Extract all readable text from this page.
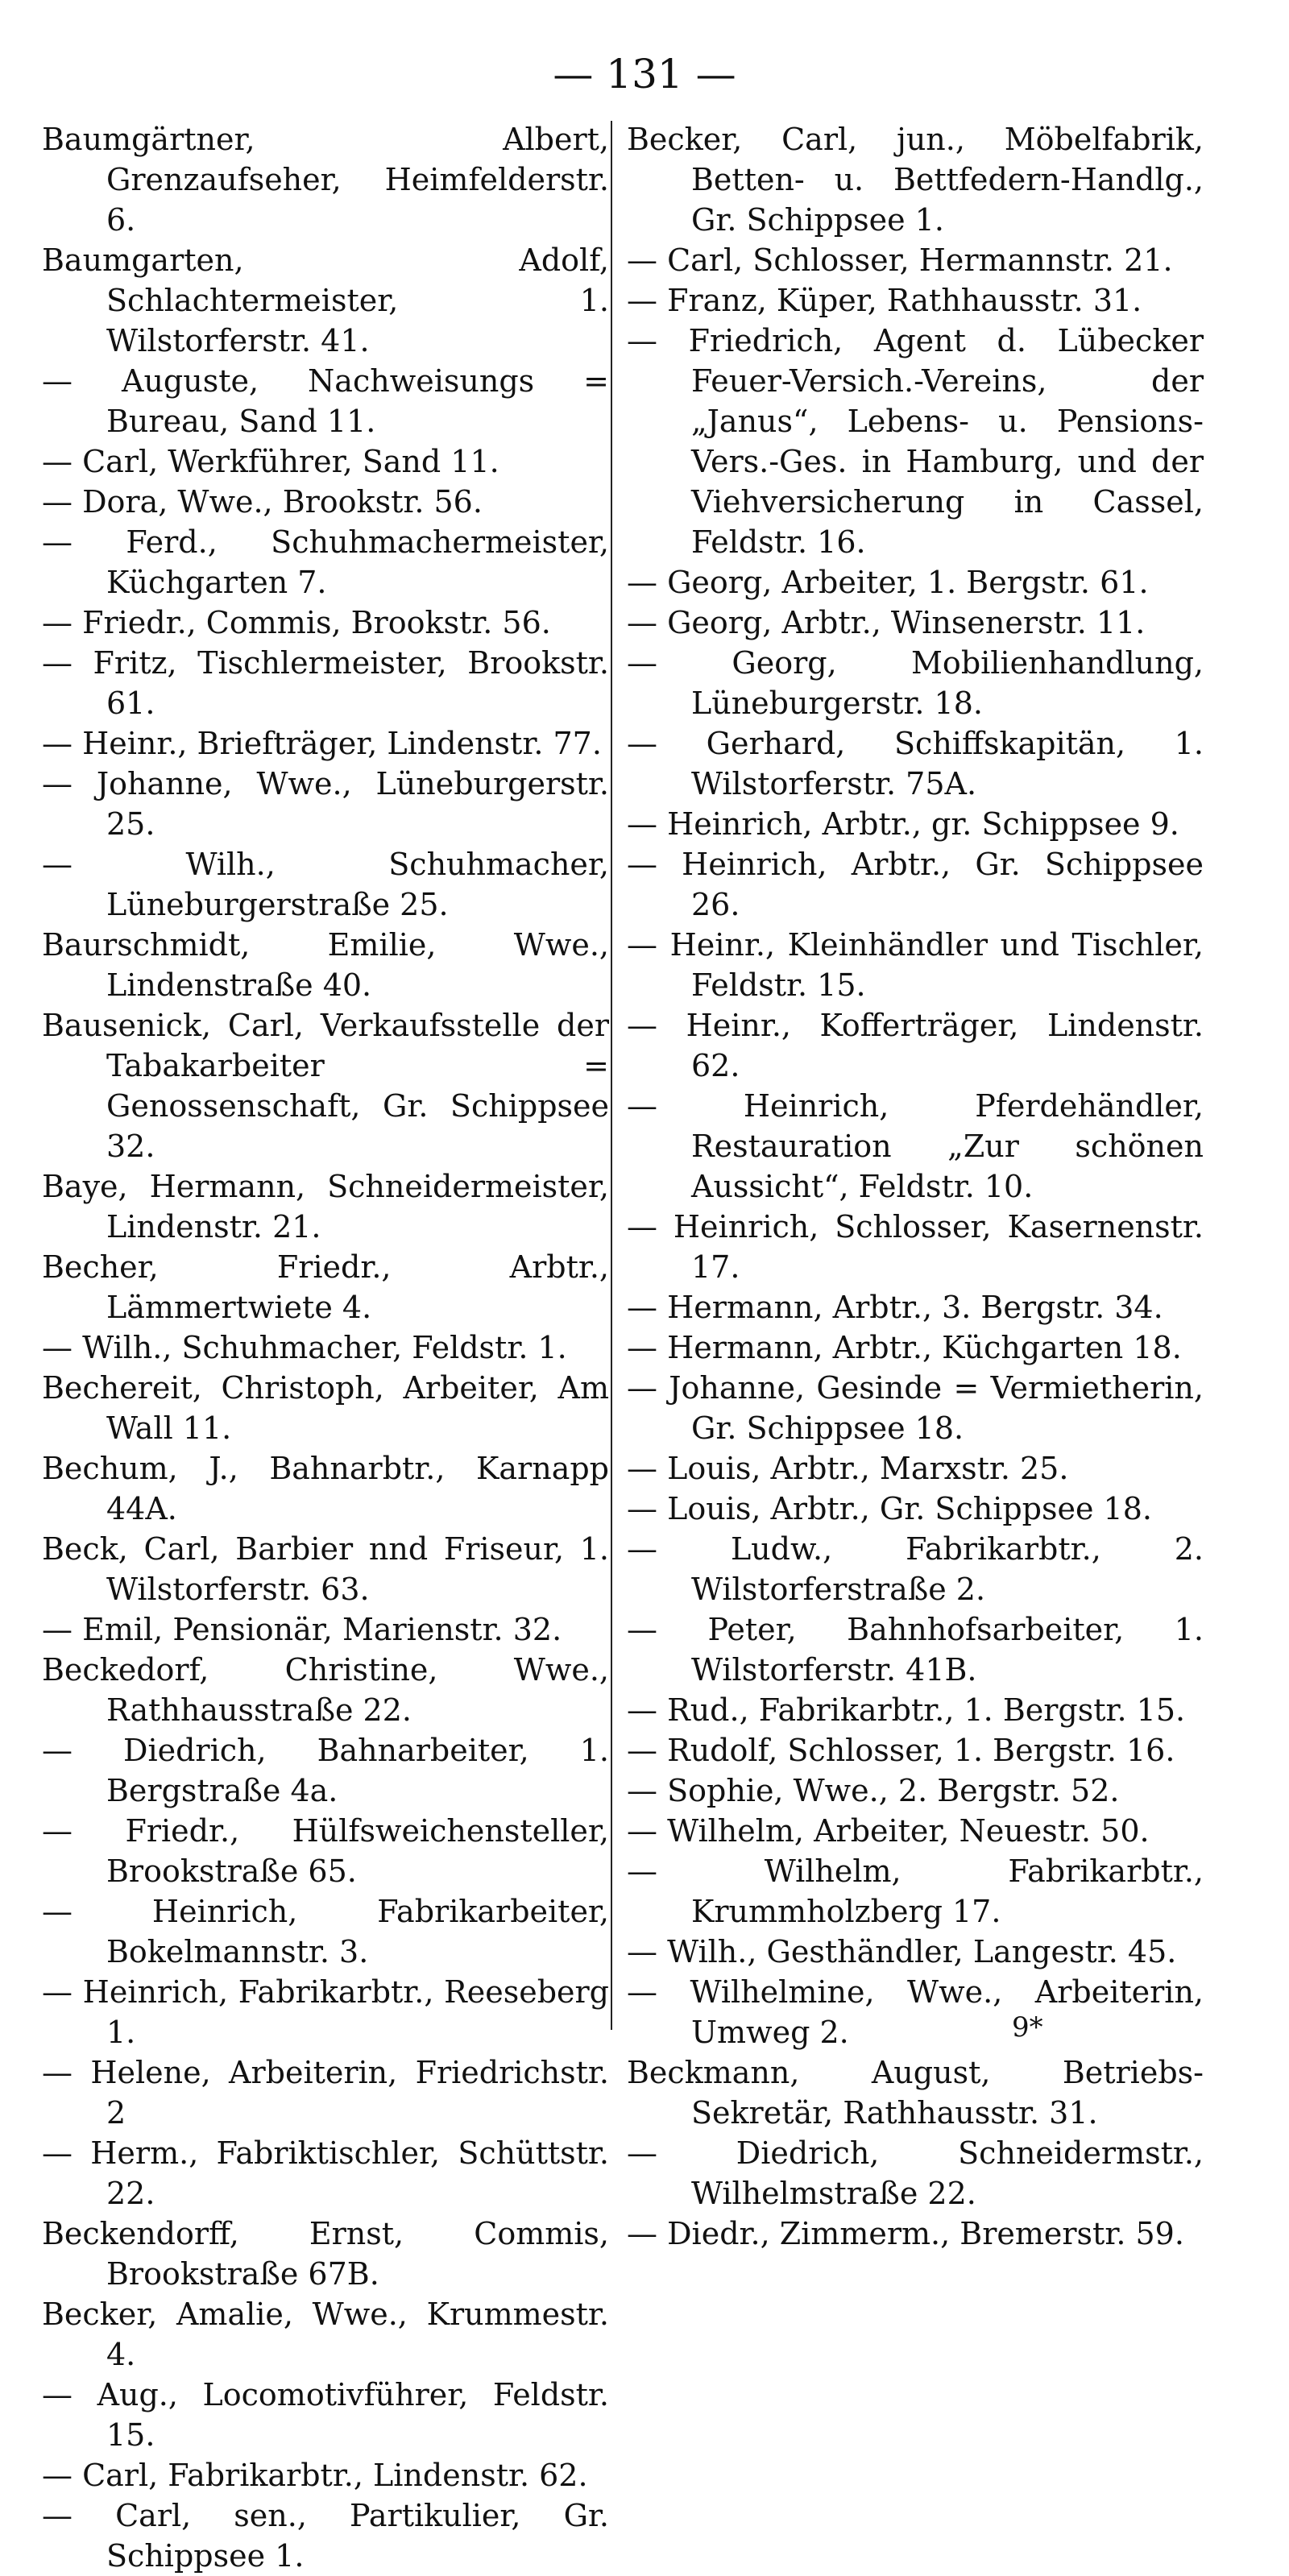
— 131 —
Baumgärtner, Albert, Grenzaufseher, Heimfelderstr. 6.
Baumgarten, Adolf, Schlachtermeister, 1. Wilstorferstr. 41.
— Auguste, Nachweisungs = Bureau, Sand 11.
— Carl, Werkführer, Sand 11.
— Dora, Wwe., Brookstr. 56.
— Ferd., Schuhmachermeister, Küchgarten 7.
— Friedr., Commis, Brookstr. 56.
— Fritz, Tischlermeister, Brookstr. 61.
— Heinr., Briefträger, Lindenstr. 77.
— Johanne, Wwe., Lüneburgerstr. 25.
— Wilh., Schuhmacher, Lüneburgerstraße 25.
Baurschmidt, Emilie, Wwe., Lindenstraße 40.
Bausenick, Carl, Verkaufsstelle der Tabakarbeiter = Genossenschaft, Gr. Schippsee 32.
Baye, Hermann, Schneidermeister, Lindenstr. 21.
Becher, Friedr., Arbtr., Lämmertwiete 4.
— Wilh., Schuhmacher, Feldstr. 1.
Bechereit, Christoph, Arbeiter, Am Wall 11.
Bechum, J., Bahnarbtr., Karnapp 44A.
Beck, Carl, Barbier nnd Friseur, 1. Wilstorferstr. 63.
— Emil, Pensionär, Marienstr. 32.
Beckedorf, Christine, Wwe., Rathhausstraße 22.
— Diedrich, Bahnarbeiter, 1. Bergstraße 4a.
— Friedr., Hülfsweichensteller, Brookstraße 65.
— Heinrich, Fabrikarbeiter, Bokelmannstr. 3.
— Heinrich, Fabrikarbtr., Reeseberg 1.
— Helene, Arbeiterin, Friedrichstr. 2
— Herm., Fabriktischler, Schüttstr. 22.
Beckendorff, Ernst, Commis, Brookstraße 67B.
Becker, Amalie, Wwe., Krummestr. 4.
— Aug., Locomotivführer, Feldstr. 15.
— Carl, Fabrikarbtr., Lindenstr. 62.
— Carl, sen., Partikulier, Gr. Schippsee 1.
Becker, Carl, jun., Möbelfabrik, Betten- u. Bettfedern-Handlg., Gr. Schippsee 1.
— Carl, Schlosser, Hermannstr. 21.
— Franz, Küper, Rathhausstr. 31.
— Friedrich, Agent d. Lübecker Feuer-Versich.-Vereins, der „Janus“, Lebens- u. Pensions-Vers.-Ges. in Hamburg, und der Viehversicherung in Cassel, Feldstr. 16.
— Georg, Arbeiter, 1. Bergstr. 61.
— Georg, Arbtr., Winsenerstr. 11.
— Georg, Mobilienhandlung, Lüneburgerstr. 18.
— Gerhard, Schiffskapitän, 1. Wilstorferstr. 75A.
— Heinrich, Arbtr., gr. Schippsee 9.
— Heinrich, Arbtr., Gr. Schippsee 26.
— Heinr., Kleinhändler und Tischler, Feldstr. 15.
— Heinr., Kofferträger, Lindenstr. 62.
— Heinrich, Pferdehändler, Restauration „Zur schönen Aussicht“, Feldstr. 10.
— Heinrich, Schlosser, Kasernenstr. 17.
— Hermann, Arbtr., 3. Bergstr. 34.
— Hermann, Arbtr., Küchgarten 18.
— Johanne, Gesinde = Vermietherin, Gr. Schippsee 18.
— Louis, Arbtr., Marxstr. 25.
— Louis, Arbtr., Gr. Schippsee 18.
— Ludw., Fabrikarbtr., 2. Wilstorferstraße 2.
— Peter, Bahnhofsarbeiter, 1. Wilstorferstr. 41B.
— Rud., Fabrikarbtr., 1. Bergstr. 15.
— Rudolf, Schlosser, 1. Bergstr. 16.
— Sophie, Wwe., 2. Bergstr. 52.
— Wilhelm, Arbeiter, Neuestr. 50.
— Wilhelm, Fabrikarbtr., Krummholzberg 17.
— Wilh., Gesthändler, Langestr. 45.
— Wilhelmine, Wwe., Arbeiterin, Umweg 2.
Beckmann, August, Betriebs-Sekretär, Rathhausstr. 31.
— Diedrich, Schneidermstr., Wilhelmstraße 22.
— Diedr., Zimmerm., Bremerstr. 59.
9*
